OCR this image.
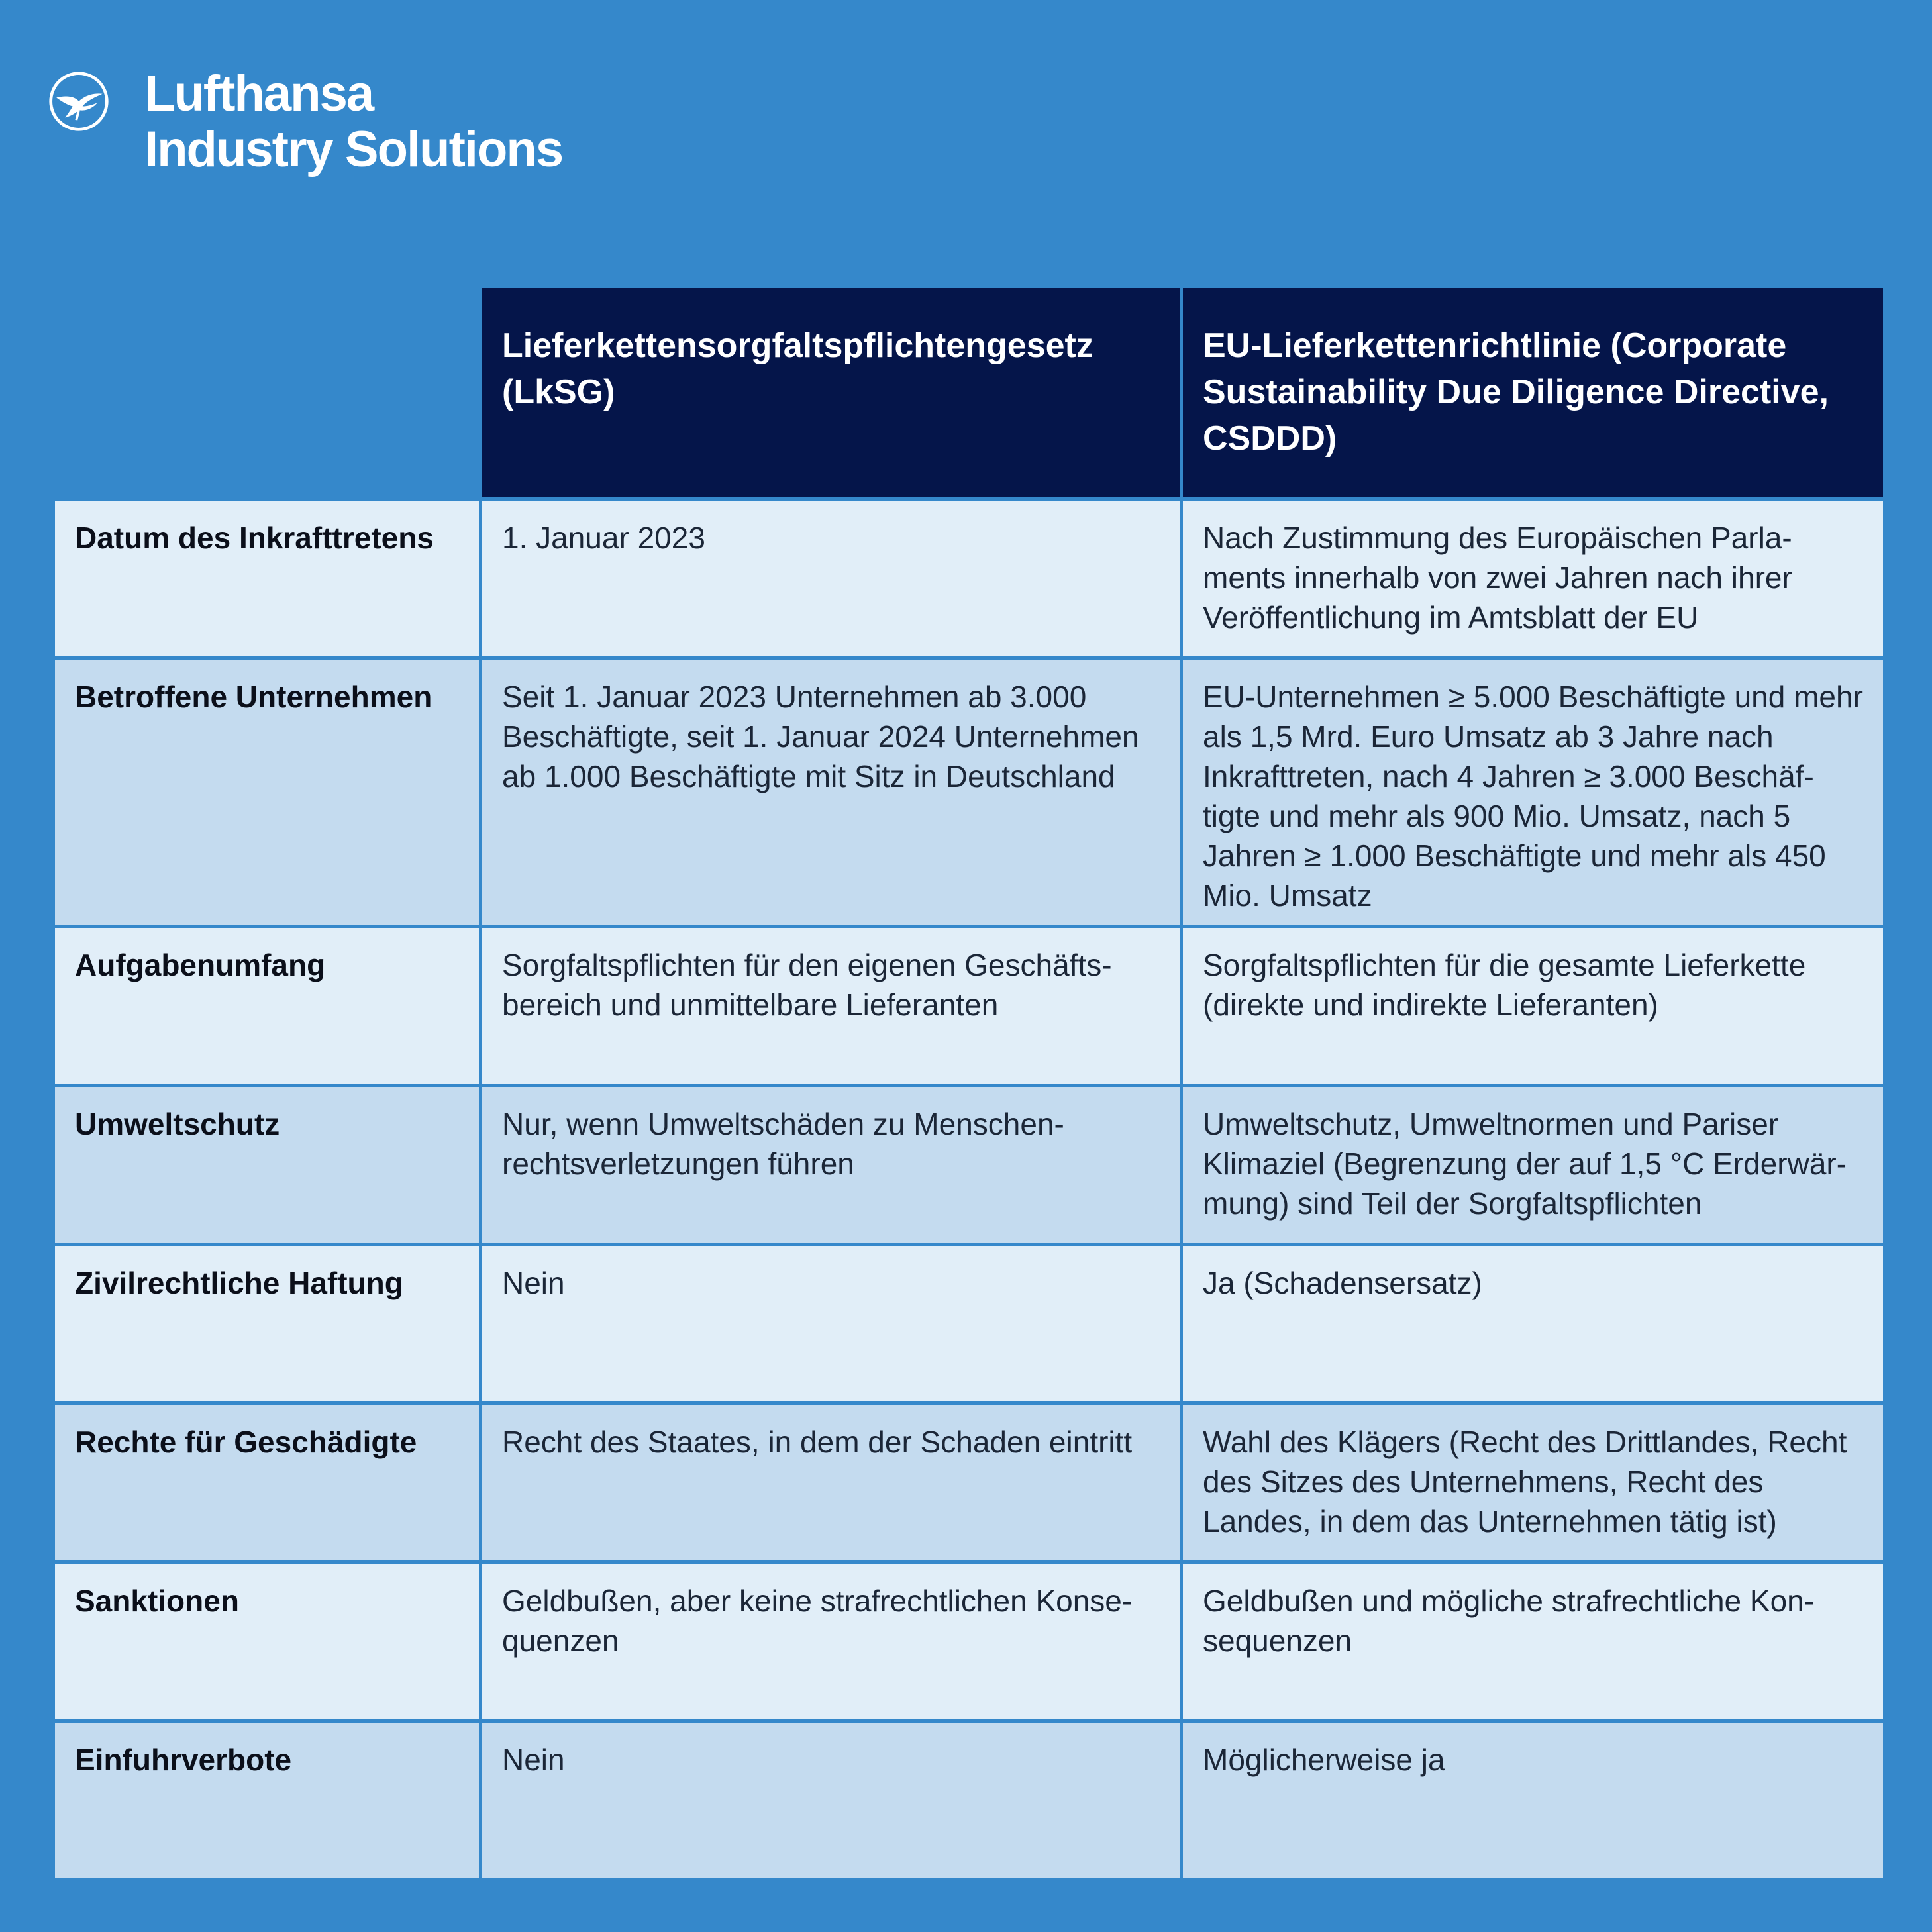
Lufthansa
Industry Solutions
	Lieferkettensorgfaltspflichtengesetz (LkSG)	EU-Lieferkettenrichtlinie (Corporate Sustainability Due Diligence Directive, CSDDD)
Datum des Inkrafttretens	1. Januar 2023	Nach Zustimmung des Europäischen Parla-ments innerhalb von zwei Jahren nach ihrer Veröffentlichung im Amtsblatt der EU
Betroffene Unternehmen	Seit 1. Januar 2023 Unternehmen ab 3.000 Beschäftigte, seit 1. Januar 2024 Unternehmen ab 1.000 Beschäftigte mit Sitz in Deutschland	EU-Unternehmen ≥ 5.000 Beschäftigte und mehr als 1,5 Mrd. Euro Umsatz ab 3 Jahre nach Inkrafttreten, nach 4 Jahren ≥ 3.000 Beschäf-tigte und mehr als 900 Mio. Umsatz, nach 5 Jahren ≥ 1.000 Beschäftigte und mehr als 450 Mio. Umsatz
Aufgabenumfang	Sorgfaltspflichten für den eigenen Geschäfts-bereich und unmittelbare Lieferanten	Sorgfaltspflichten für die gesamte Lieferkette (direkte und indirekte Lieferanten)
Umweltschutz	Nur, wenn Umweltschäden zu Menschen-rechtsverletzungen führen	Umweltschutz, Umweltnormen und Pariser Klimaziel (Begrenzung der auf 1,5 °C Erderwär-mung) sind Teil der Sorgfaltspflichten
Zivilrechtliche Haftung	Nein	Ja (Schadensersatz)
Rechte für Geschädigte	Recht des Staates, in dem der Schaden eintritt	Wahl des Klägers (Recht des Drittlandes, Recht des Sitzes des Unternehmens, Recht des Landes, in dem das Unternehmen tätig ist)
Sanktionen	Geldbußen, aber keine strafrechtlichen Konse-quenzen	Geldbußen und mögliche strafrechtliche Kon-sequenzen
Einfuhrverbote	Nein	Möglicherweise ja
